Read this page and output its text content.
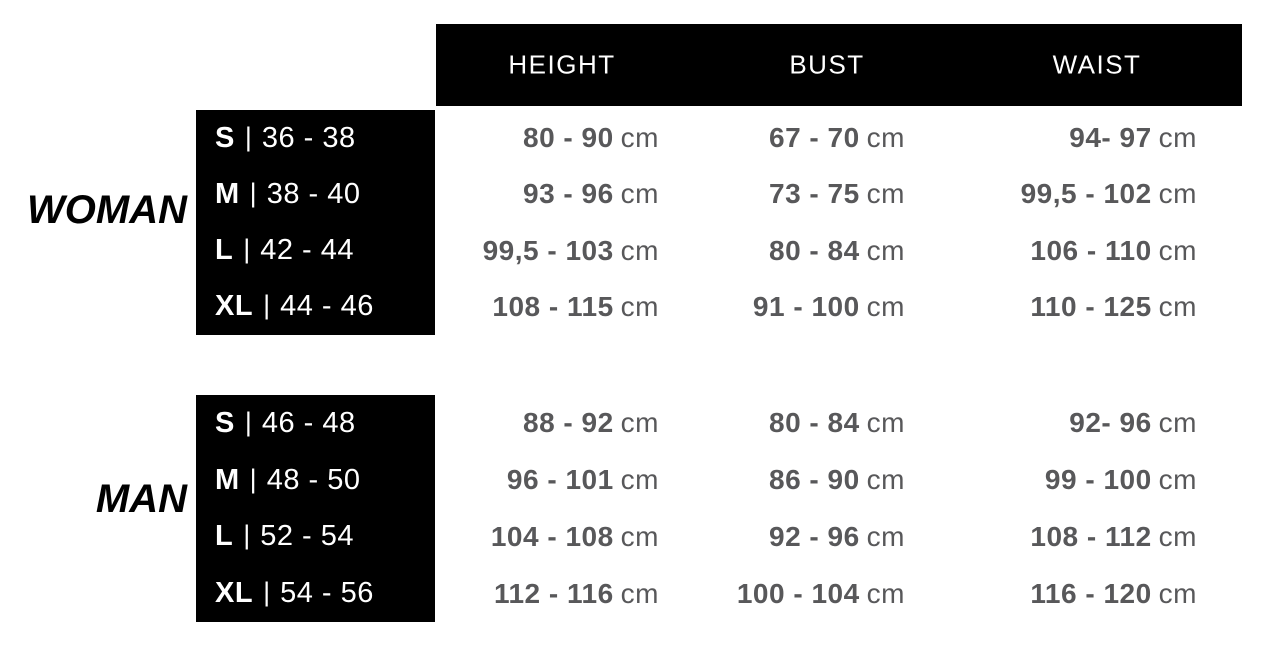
HEIGHT	BUST	WAIST
WOMAN
MAN
S | 36 - 38	80 - 90 cm	67 - 70 cm	94- 97 cm
M | 38 - 40	93 - 96 cm	73 - 75 cm	99,5 - 102 cm
L | 42 - 44	99,5 - 103 cm	80 - 84 cm	106 - 110 cm
XL | 44 - 46	108 - 115 cm	91 - 100 cm	110 - 125 cm
S | 46 - 48	88 - 92 cm	80 - 84 cm	92- 96 cm
M | 48 - 50	96 - 101 cm	86 - 90 cm	99 - 100 cm
L | 52 - 54	104 - 108 cm	92 - 96 cm	108 - 112 cm
XL | 54 - 56	112 - 116 cm	100 - 104 cm	116 - 120 cm
